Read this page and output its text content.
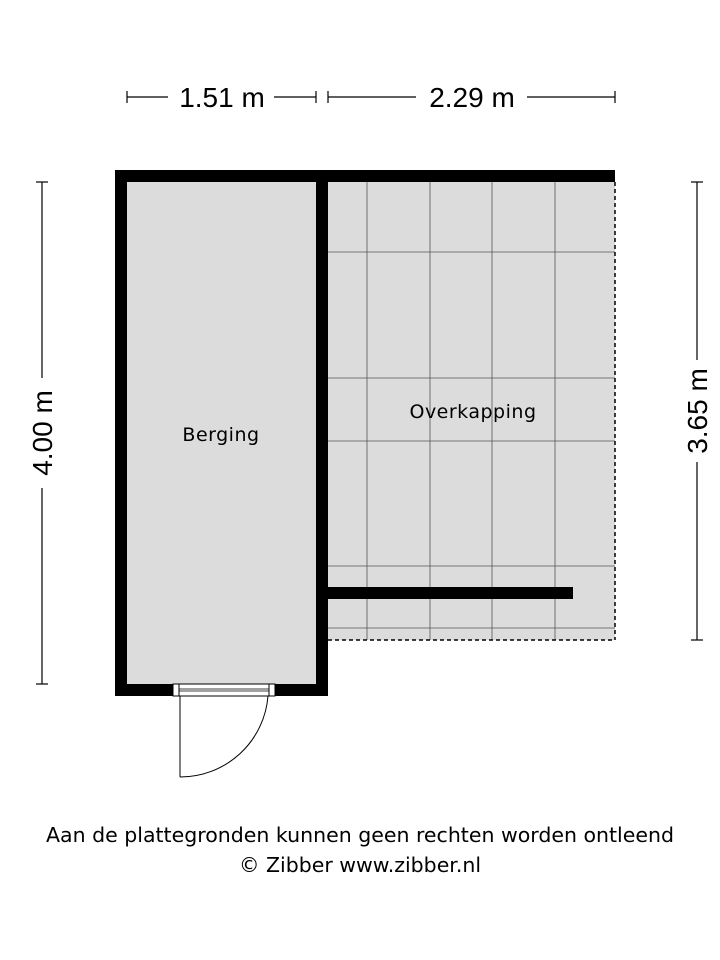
1.51 m	2.29 m
4.00 m	3.65 m
Berging
Overkapping
Aan de plattegronden kunnen geen rechten worden ontleend
© Zibber www.zibber.nl
